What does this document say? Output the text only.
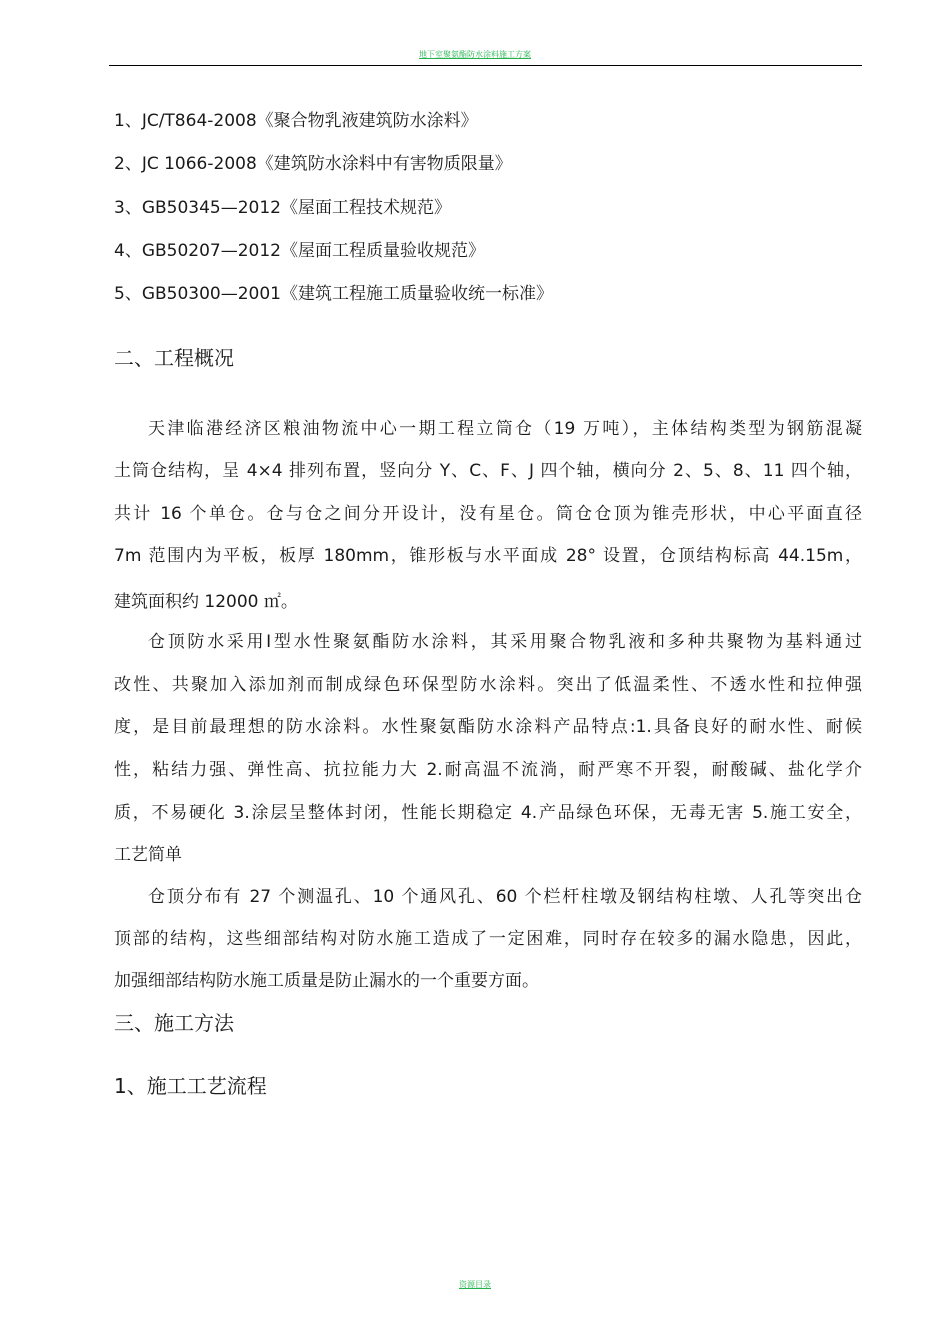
地下室聚氨酯防水涂料施工方案
1、JC/T864-2008《聚合物乳液建筑防水涂料》
2、JC 1066-2008《建筑防水涂料中有害物质限量》
3、GB50345—2012《屋面工程技术规范》
4、GB50207—2012《屋面工程质量验收规范》
5、GB50300—2001《建筑工程施工质量验收统一标准》
二、工程概况
天津临港经济区粮油物流中心一期工程立筒仓（19 万吨），主体结构类型为钢筋混凝
土筒仓结构，呈 4×4 排列布置，竖向分 Y、C、F、J 四个轴，横向分 2、5、8、11 四个轴，
共计 16 个单仓。仓与仓之间分开设计，没有星仓。筒仓仓顶为锥壳形状，中心平面直径
7m 范围内为平板，板厚 180mm，锥形板与水平面成 28° 设置，仓顶结构标高 44.15m，
建筑面积约 12000 ㎡。
仓顶防水采用Ⅰ型水性聚氨酯防水涂料，其采用聚合物乳液和多种共聚物为基料通过
改性、共聚加入添加剂而制成绿色环保型防水涂料。突出了低温柔性、不透水性和拉伸强
度，是目前最理想的防水涂料。水性聚氨酯防水涂料产品特点:1.具备良好的耐水性、耐候
性，粘结力强、弹性高、抗拉能力大 2.耐高温不流淌，耐严寒不开裂，耐酸碱、盐化学介
质，不易硬化 3.涂层呈整体封闭，性能长期稳定 4.产品绿色环保，无毒无害 5.施工安全，
工艺简单
仓顶分布有 27 个测温孔、10 个通风孔、60 个栏杆柱墩及钢结构柱墩、人孔等突出仓
顶部的结构，这些细部结构对防水施工造成了一定困难，同时存在较多的漏水隐患，因此，
加强细部结构防水施工质量是防止漏水的一个重要方面。
三、施工方法
1、施工工艺流程
资源目录
